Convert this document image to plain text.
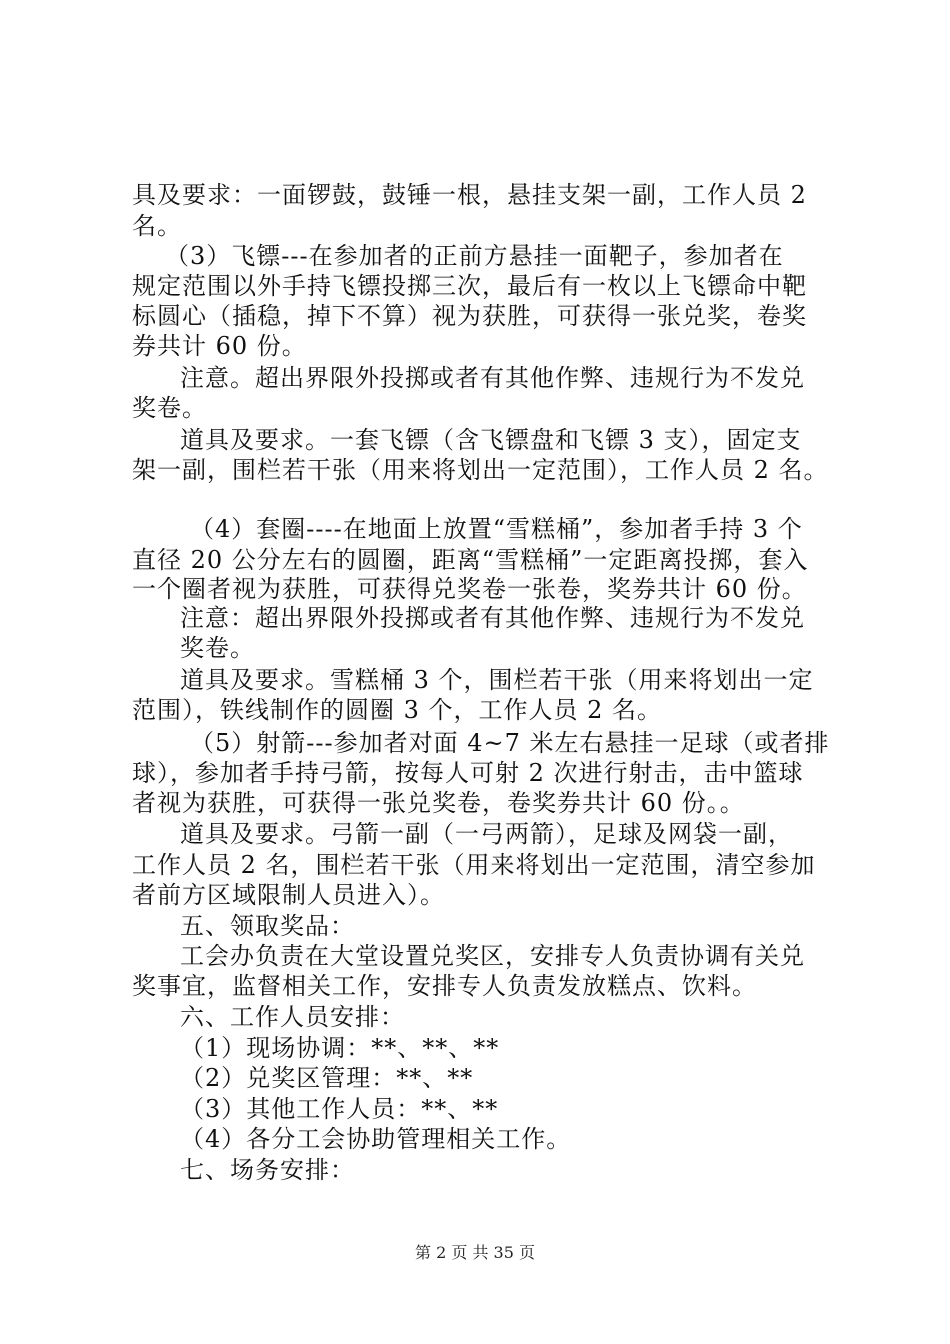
具及要求：一面锣鼓，鼓锤一根，悬挂支架一副，工作人员 2
名。
（3）飞镖---在参加者的正前方悬挂一面靶子，参加者在
规定范围以外手持飞镖投掷三次，最后有一枚以上飞镖命中靶
标圆心（插稳，掉下不算）视为获胜，可获得一张兑奖，卷奖
券共计 60 份。
注意。超出界限外投掷或者有其他作弊、违规行为不发兑
奖卷。
道具及要求。一套飞镖（含飞镖盘和飞镖 3 支），固定支
架一副，围栏若干张（用来将划出一定范围），工作人员 2 名。
（4）套圈----在地面上放置“雪糕桶”，参加者手持 3 个
直径 20 公分左右的圆圈，距离“雪糕桶”一定距离投掷，套入
一个圈者视为获胜，可获得兑奖卷一张卷，奖券共计 60 份。
注意：超出界限外投掷或者有其他作弊、违规行为不发兑
奖卷。
道具及要求。雪糕桶 3 个，围栏若干张（用来将划出一定
范围），铁线制作的圆圈 3 个，工作人员 2 名。
（5）射箭---参加者对面 4~7 米左右悬挂一足球（或者排
球），参加者手持弓箭，按每人可射 2 次进行射击，击中篮球
者视为获胜，可获得一张兑奖卷，卷奖券共计 60 份。。
道具及要求。弓箭一副（一弓两箭），足球及网袋一副，
工作人员 2 名，围栏若干张（用来将划出一定范围，清空参加
者前方区域限制人员进入）。
五、领取奖品：
工会办负责在大堂设置兑奖区，安排专人负责协调有关兑
奖事宜，监督相关工作，安排专人负责发放糕点、饮料。
六、工作人员安排：
（1）现场协调：**、**、**
（2）兑奖区管理：**、**
（3）其他工作人员：**、**
（4）各分工会协助管理相关工作。
七、场务安排：
第 2 页 共 35 页
